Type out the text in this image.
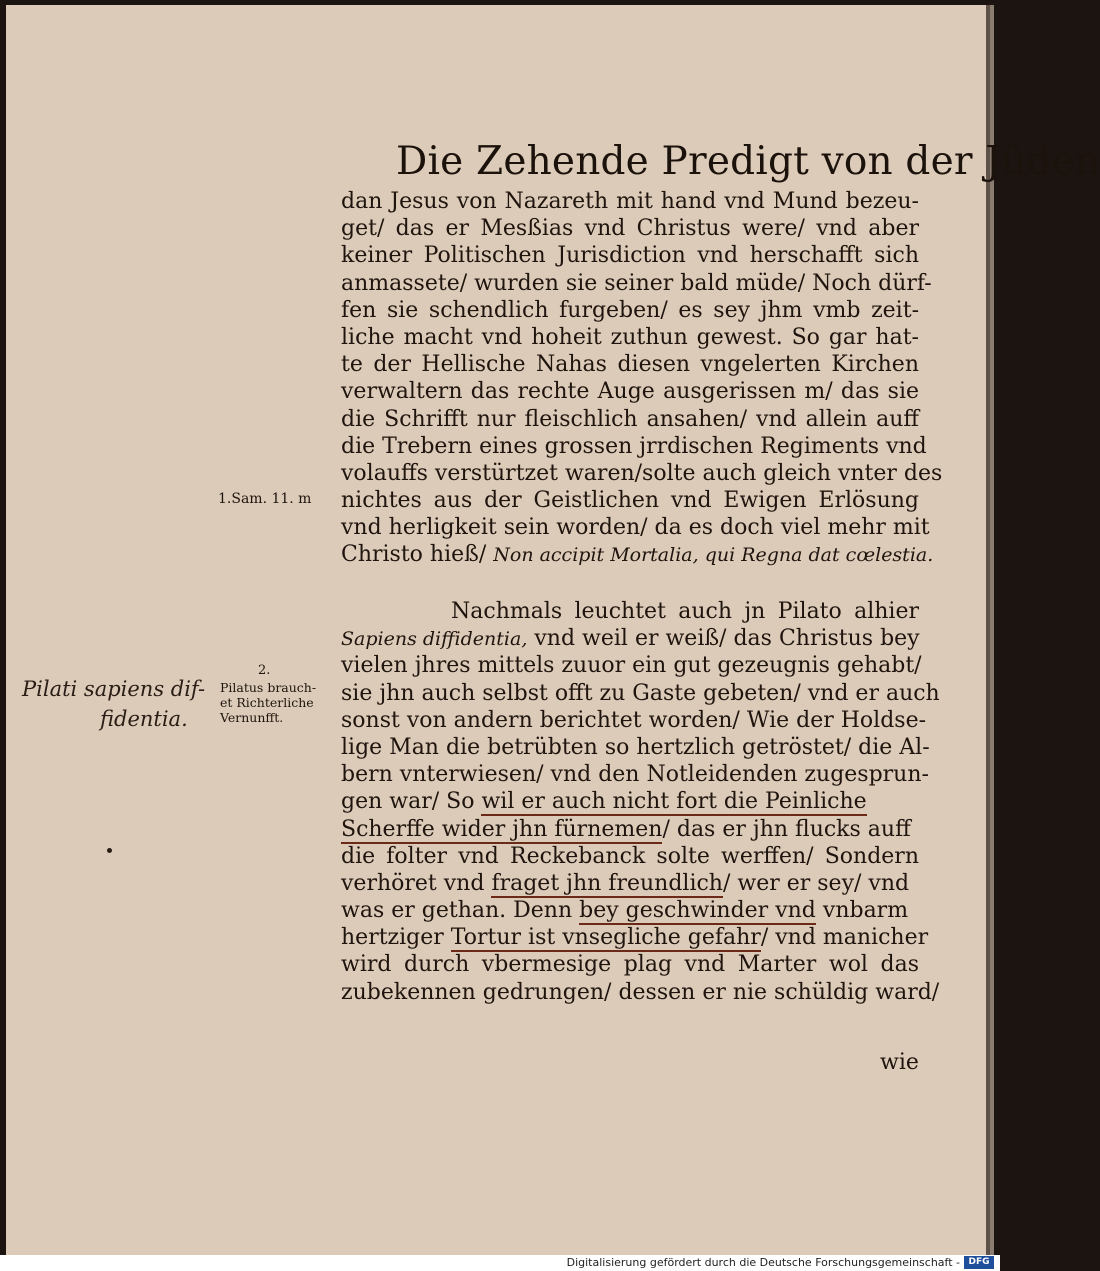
Die Zehende Predigt von der Jüden
dan Jesus von Nazareth mit hand vnd Mund bezeu-
get/ das er Mesßias vnd Christus were/ vnd aber
keiner Politischen Jurisdiction vnd herschafft sich
anmassete/ wurden sie seiner bald müde/ Noch dürf-
fen sie schendlich furgeben/ es sey jhm vmb zeit-
liche macht vnd hoheit zuthun gewest. So gar hat-
te der Hellische Nahas diesen vngelerten Kirchen
verwaltern das rechte Auge ausgerissen m/ das sie
die Schrifft nur fleischlich ansahen/ vnd allein auff
die Trebern eines grossen jrrdischen Regiments vnd
volauffs verstürtzet waren/solte auch gleich vnter des
nichtes aus der Geistlichen vnd Ewigen Erlösung
vnd herligkeit sein worden/ da es doch viel mehr mit
Christo hieß/ Non accipit Mortalia, qui Regna dat cœlestia.
Nachmals leuchtet auch jn Pilato alhier
Sapiens diffidentia, vnd weil er weiß/ das Christus bey
vielen jhres mittels zuuor ein gut gezeugnis gehabt/
sie jhn auch selbst offt zu Gaste gebeten/ vnd er auch
sonst von andern berichtet worden/ Wie der Holdse-
lige Man die betrübten so hertzlich getröstet/ die Al-
bern vnterwiesen/ vnd den Notleidenden zugesprun-
gen war/ So wil er auch nicht fort die Peinliche
Scherffe wider jhn fürnemen/ das er jhn flucks auff
die folter vnd Reckebanck solte werffen/ Sondern
verhöret vnd fraget jhn freundlich/ wer er sey/ vnd
was er gethan. Denn bey geschwinder vnd vnbarm
hertziger Tortur ist vnsegliche gefahr/ vnd manicher
wird durch vbermesige plag vnd Marter wol das
zubekennen gedrungen/ dessen er nie schüldig ward/
1.Sam. 11. m
2.
Pilatus brauch-
et Richterliche
Vernunfft.
Pilati sapiens dif-
fidentia.
wie
Digitalisierung gefördert durch die Deutsche Forschungsgemeinschaft - DFG
